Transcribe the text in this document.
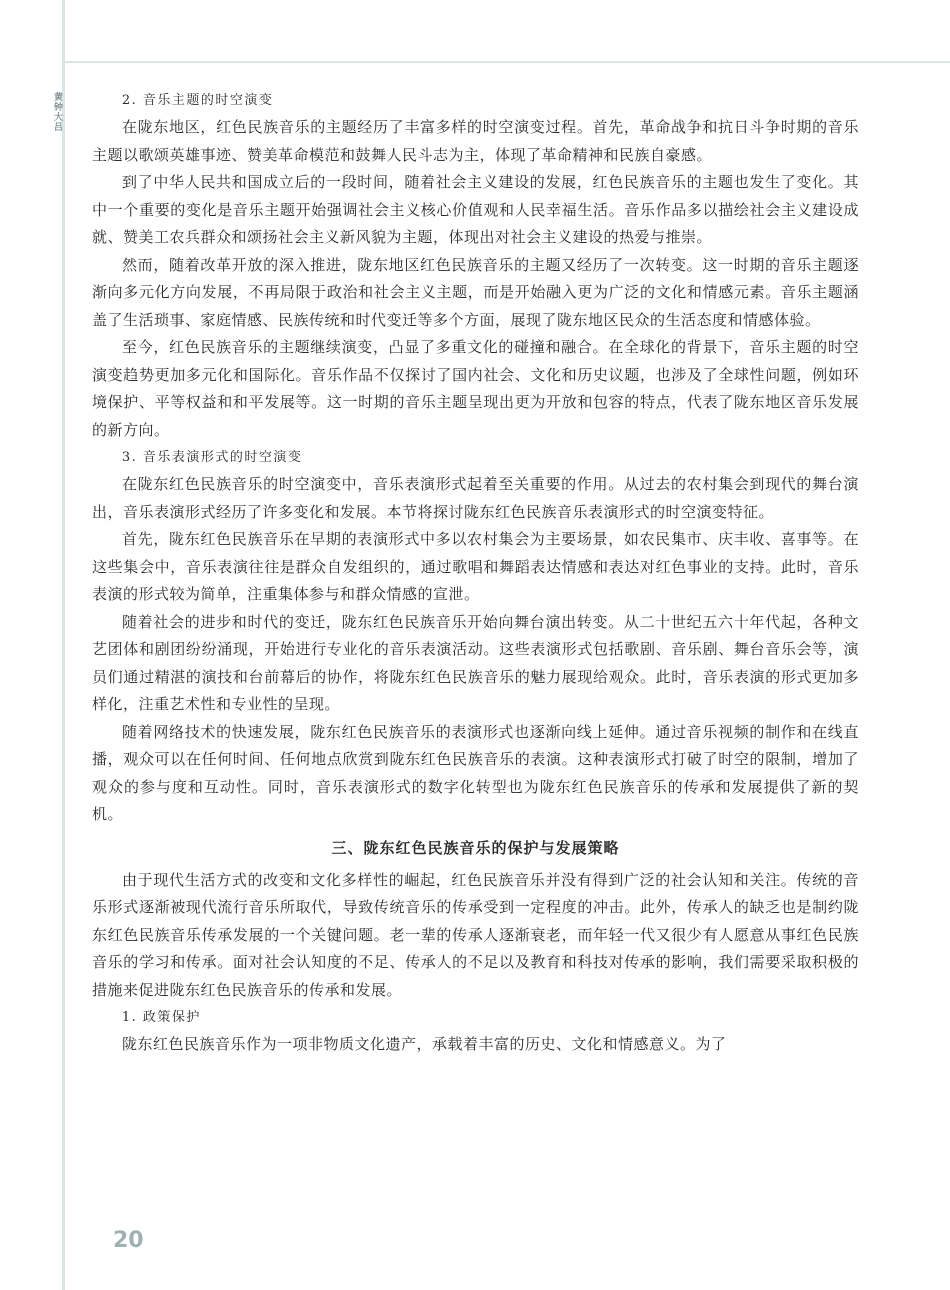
黄钟大吕	2. 音乐主题的时空演变

在陇东地区，红色民族音乐的主题经历了丰富多样的时空演变过程。首先，革命战争和抗日斗争时期的音乐主题以歌颂英雄事迹、赞美革命模范和鼓舞人民斗志为主，体现了革命精神和民族自豪感。

到了中华人民共和国成立后的一段时间，随着社会主义建设的发展，红色民族音乐的主题也发生了变化。其中一个重要的变化是音乐主题开始强调社会主义核心价值观和人民幸福生活。音乐作品多以描绘社会主义建设成就、赞美工农兵群众和颂扬社会主义新风貌为主题，体现出对社会主义建设的热爱与推崇。

然而，随着改革开放的深入推进，陇东地区红色民族音乐的主题又经历了一次转变。这一时期的音乐主题逐渐向多元化方向发展，不再局限于政治和社会主义主题，而是开始融入更为广泛的文化和情感元素。音乐主题涵盖了生活琐事、家庭情感、民族传统和时代变迁等多个方面，展现了陇东地区民众的生活态度和情感体验。

至今，红色民族音乐的主题继续演变，凸显了多重文化的碰撞和融合。在全球化的背景下，音乐主题的时空演变趋势更加多元化和国际化。音乐作品不仅探讨了国内社会、文化和历史议题，也涉及了全球性问题，例如环境保护、平等权益和和平发展等。这一时期的音乐主题呈现出更为开放和包容的特点，代表了陇东地区音乐发展的新方向。

3. 音乐表演形式的时空演变

在陇东红色民族音乐的时空演变中，音乐表演形式起着至关重要的作用。从过去的农村集会到现代的舞台演出，音乐表演形式经历了许多变化和发展。本节将探讨陇东红色民族音乐表演形式的时空演变特征。

首先，陇东红色民族音乐在早期的表演形式中多以农村集会为主要场景，如农民集市、庆丰收、喜事等。在这些集会中，音乐表演往往是群众自发组织的，通过歌唱和舞蹈表达情感和表达对红色事业的支持。此时，音乐表演的形式较为简单，注重集体参与和群众情感的宣泄。

随着社会的进步和时代的变迁，陇东红色民族音乐开始向舞台演出转变。从二十世纪五六十年代起，各种文艺团体和剧团纷纷涌现，开始进行专业化的音乐表演活动。这些表演形式包括歌剧、音乐剧、舞台音乐会等，演员们通过精湛的演技和台前幕后的协作，将陇东红色民族音乐的魅力展现给观众。此时，音乐表演的形式更加多样化，注重艺术性和专业性的呈现。

随着网络技术的快速发展，陇东红色民族音乐的表演形式也逐渐向线上延伸。通过音乐视频的制作和在线直播，观众可以在任何时间、任何地点欣赏到陇东红色民族音乐的表演。这种表演形式打破了时空的限制，增加了观众的参与度和互动性。同时，音乐表演形式的数字化转型也为陇东红色民族音乐的传承和发展提供了新的契机。

三、陇东红色民族音乐的保护与发展策略

由于现代生活方式的改变和文化多样性的崛起，红色民族音乐并没有得到广泛的社会认知和关注。传统的音乐形式逐渐被现代流行音乐所取代，导致传统音乐的传承受到一定程度的冲击。此外，传承人的缺乏也是制约陇东红色民族音乐传承发展的一个关键问题。老一辈的传承人逐渐衰老，而年轻一代又很少有人愿意从事红色民族音乐的学习和传承。面对社会认知度的不足、传承人的不足以及教育和科技对传承的影响，我们需要采取积极的措施来促进陇东红色民族音乐的传承和发展。

1. 政策保护

陇东红色民族音乐作为一项非物质文化遗产，承载着丰富的历史、文化和情感意义。为了

20
